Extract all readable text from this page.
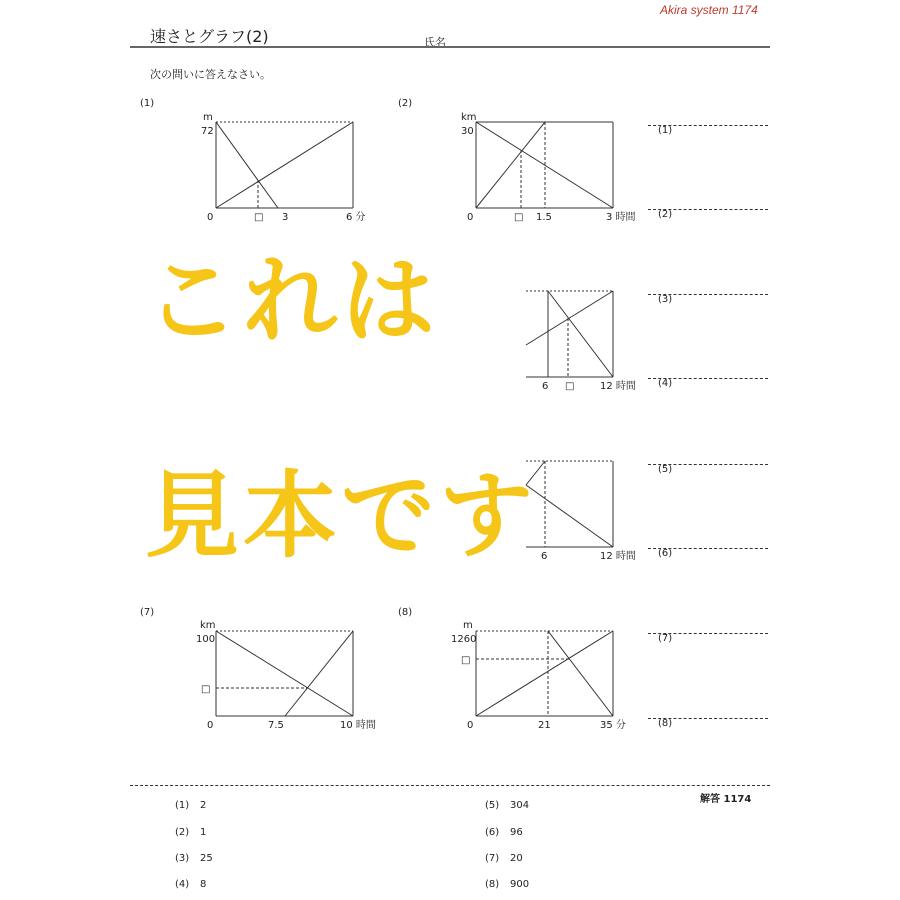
Akira system 1174
速さとグラフ(2)	氏名
次の問いに答えなさい。
(1)
m
72
0	□ 3	6 分
(2)
km
30
0	□ 1.5	3 時間
6 □	12 時間
6	12 時間
(7)
km
100
□
0	7.5	10 時間
(8)
m
1260
□
0	21	35 分
(1)
(2)
(3)
(4)
(5)
(6)
(7)
(8)
これは
見本です
解答 1174
(1) 2
(2) 1
(3) 25
(4) 8
(5) 304
(6) 96
(7) 20
(8) 900
